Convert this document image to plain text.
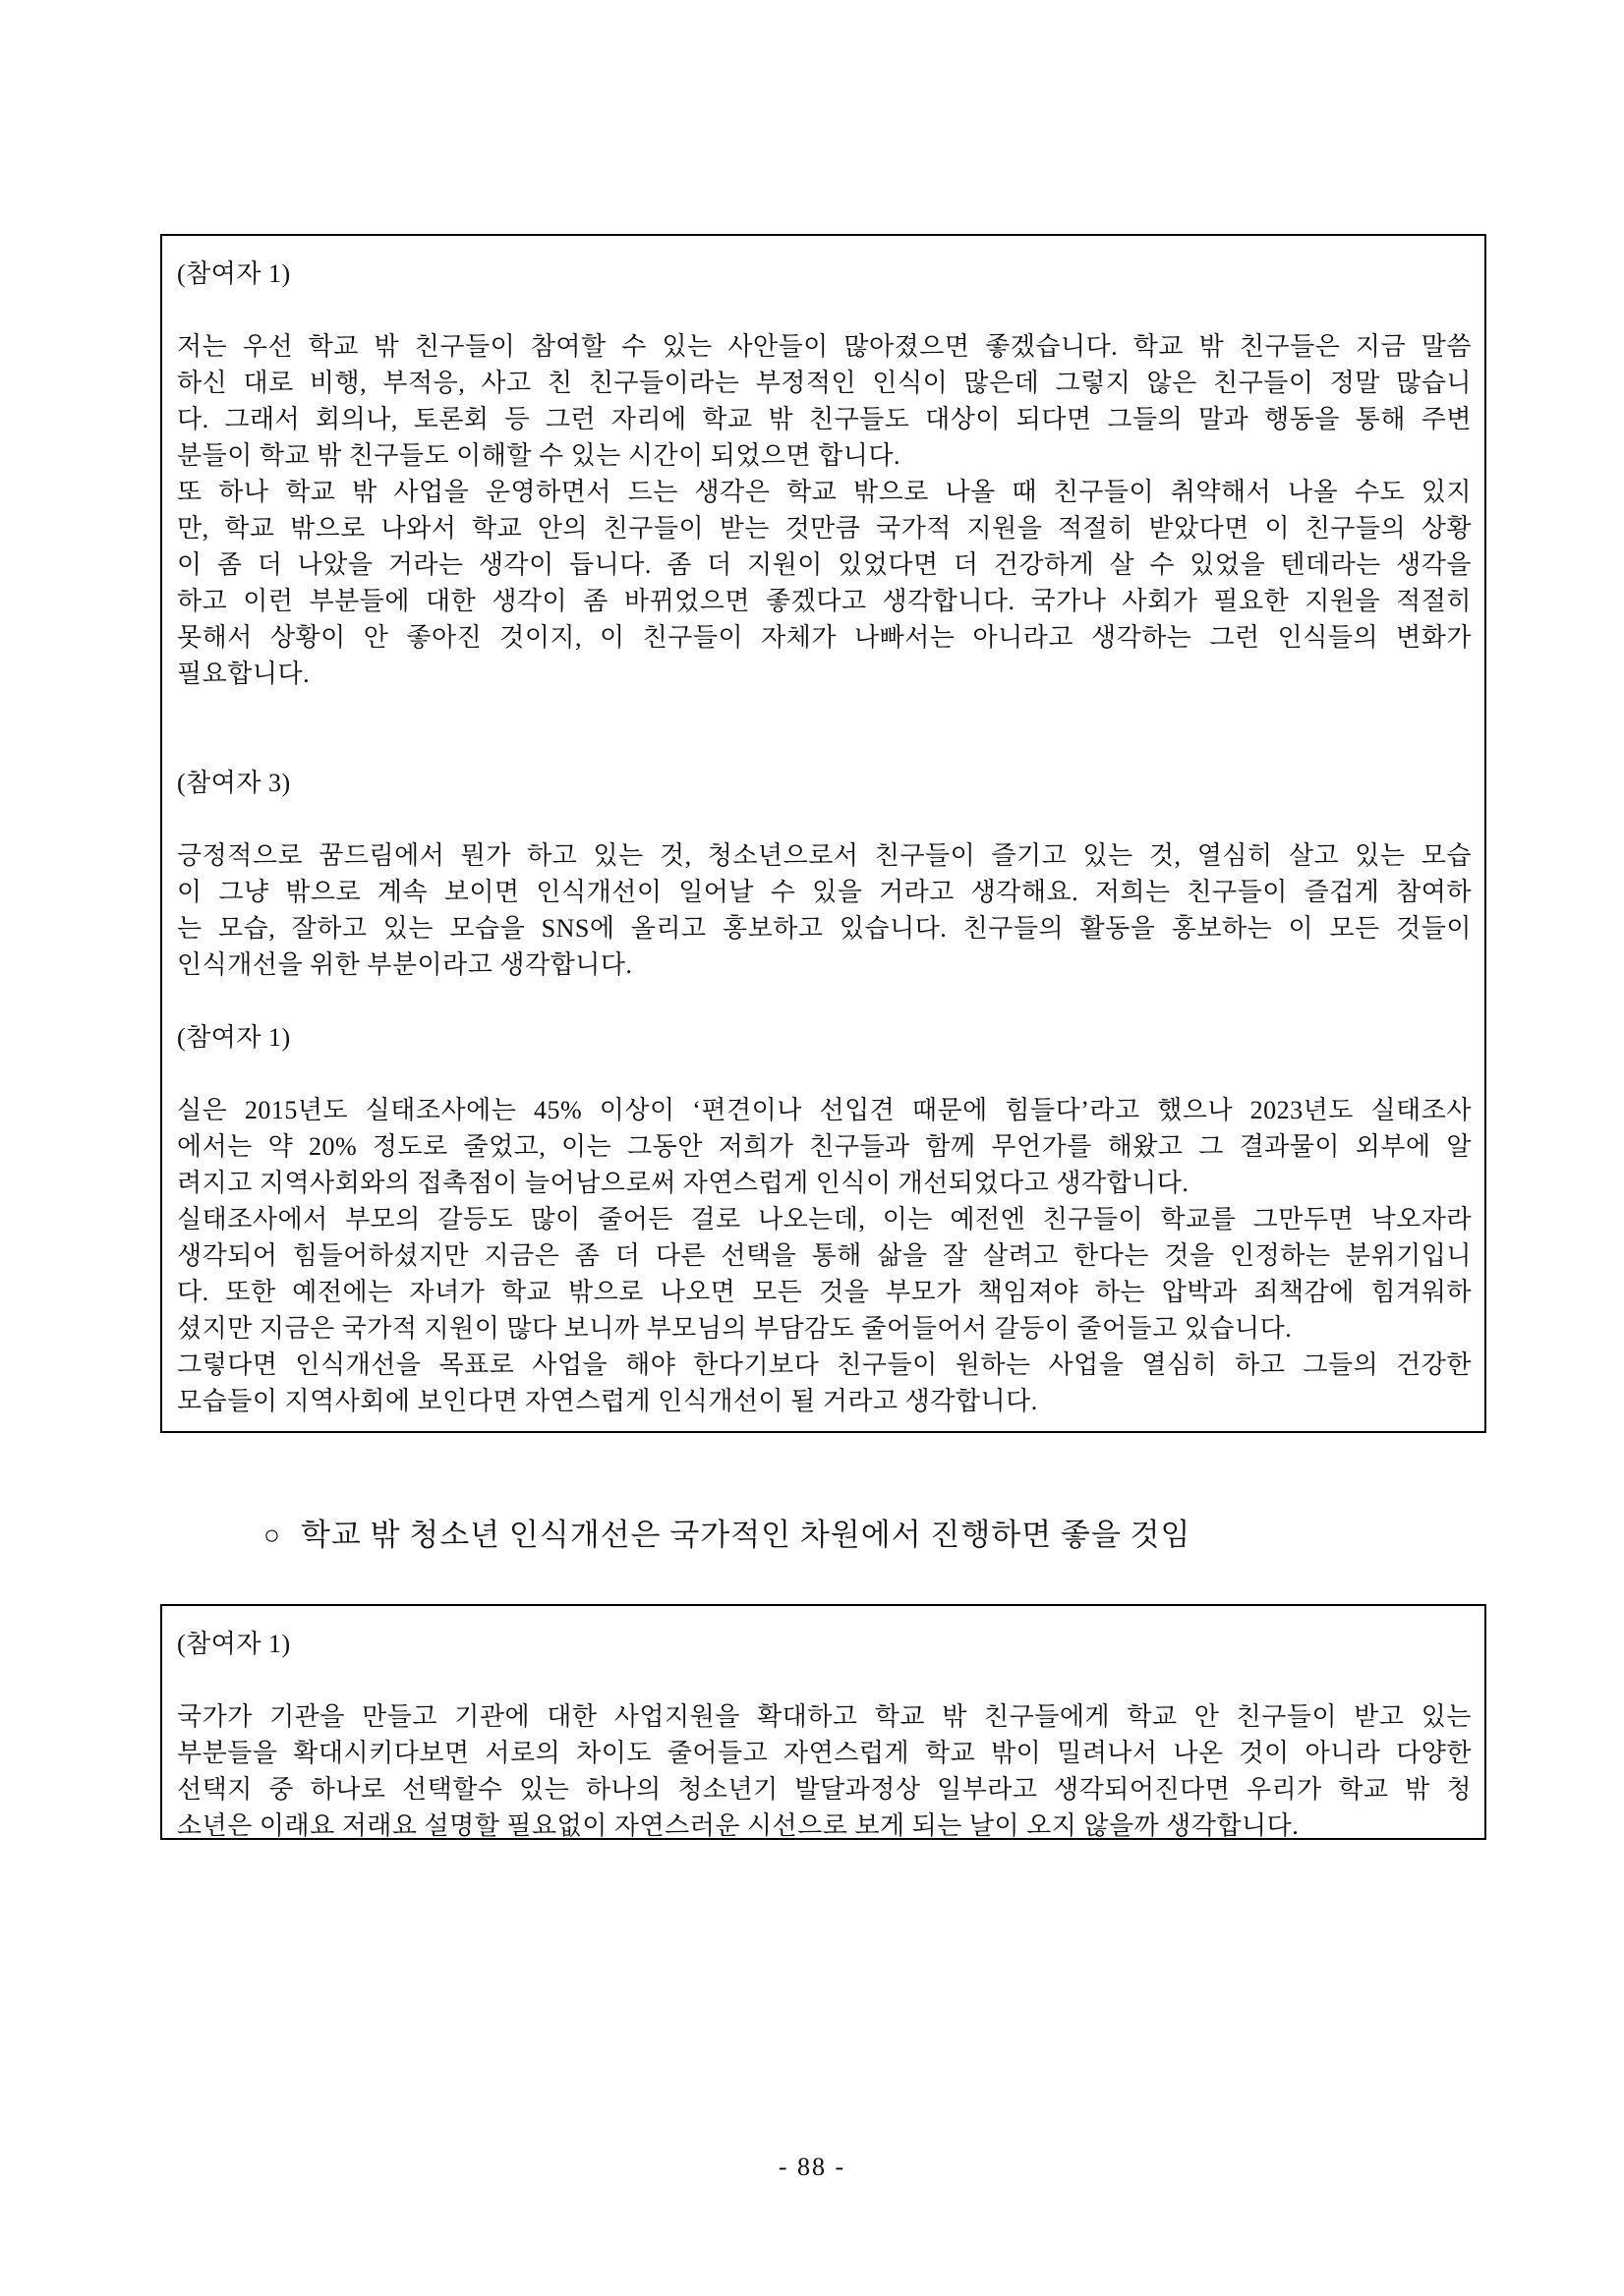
(참여자 1)
저는 우선 학교 밖 친구들이 참여할 수 있는 사안들이 많아졌으면 좋겠습니다. 학교 밖 친구들은 지금 말씀
하신 대로 비행, 부적응, 사고 친 친구들이라는 부정적인 인식이 많은데 그렇지 않은 친구들이 정말 많습니
다. 그래서 회의나, 토론회 등 그런 자리에 학교 밖 친구들도 대상이 되다면 그들의 말과 행동을 통해 주변
분들이 학교 밖 친구들도 이해할 수 있는 시간이 되었으면 합니다.
또 하나 학교 밖 사업을 운영하면서 드는 생각은 학교 밖으로 나올 때 친구들이 취약해서 나올 수도 있지
만, 학교 밖으로 나와서 학교 안의 친구들이 받는 것만큼 국가적 지원을 적절히 받았다면 이 친구들의 상황
이 좀 더 나았을 거라는 생각이 듭니다. 좀 더 지원이 있었다면 더 건강하게 살 수 있었을 텐데라는 생각을
하고 이런 부분들에 대한 생각이 좀 바뀌었으면 좋겠다고 생각합니다. 국가나 사회가 필요한 지원을 적절히
못해서 상황이 안 좋아진 것이지, 이 친구들이 자체가 나빠서는 아니라고 생각하는 그런 인식들의 변화가
필요합니다.
(참여자 3)
긍정적으로 꿈드림에서 뭔가 하고 있는 것, 청소년으로서 친구들이 즐기고 있는 것, 열심히 살고 있는 모습
이 그냥 밖으로 계속 보이면 인식개선이 일어날 수 있을 거라고 생각해요. 저희는 친구들이 즐겁게 참여하
는 모습, 잘하고 있는 모습을 SNS에 올리고 홍보하고 있습니다. 친구들의 활동을 홍보하는 이 모든 것들이
인식개선을 위한 부분이라고 생각합니다.
(참여자 1)
실은 2015년도 실태조사에는 45% 이상이 ‘편견이나 선입견 때문에 힘들다’라고 했으나 2023년도 실태조사
에서는 약 20% 정도로 줄었고, 이는 그동안 저희가 친구들과 함께 무언가를 해왔고 그 결과물이 외부에 알
려지고 지역사회와의 접촉점이 늘어남으로써 자연스럽게 인식이 개선되었다고 생각합니다.
실태조사에서 부모의 갈등도 많이 줄어든 걸로 나오는데, 이는 예전엔 친구들이 학교를 그만두면 낙오자라
생각되어 힘들어하셨지만 지금은 좀 더 다른 선택을 통해 삶을 잘 살려고 한다는 것을 인정하는 분위기입니
다. 또한 예전에는 자녀가 학교 밖으로 나오면 모든 것을 부모가 책임져야 하는 압박과 죄책감에 힘겨워하
셨지만 지금은 국가적 지원이 많다 보니까 부모님의 부담감도 줄어들어서 갈등이 줄어들고 있습니다.
그렇다면 인식개선을 목표로 사업을 해야 한다기보다 친구들이 원하는 사업을 열심히 하고 그들의 건강한
모습들이 지역사회에 보인다면 자연스럽게 인식개선이 될 거라고 생각합니다.
○ 학교 밖 청소년 인식개선은 국가적인 차원에서 진행하면 좋을 것임
(참여자 1)
국가가 기관을 만들고 기관에 대한 사업지원을 확대하고 학교 밖 친구들에게 학교 안 친구들이 받고 있는
부분들을 확대시키다보면 서로의 차이도 줄어들고 자연스럽게 학교 밖이 밀려나서 나온 것이 아니라 다양한
선택지 중 하나로 선택할수 있는 하나의 청소년기 발달과정상 일부라고 생각되어진다면 우리가 학교 밖 청
소년은 이래요 저래요 설명할 필요없이 자연스러운 시선으로 보게 되는 날이 오지 않을까 생각합니다.
- 88 -
